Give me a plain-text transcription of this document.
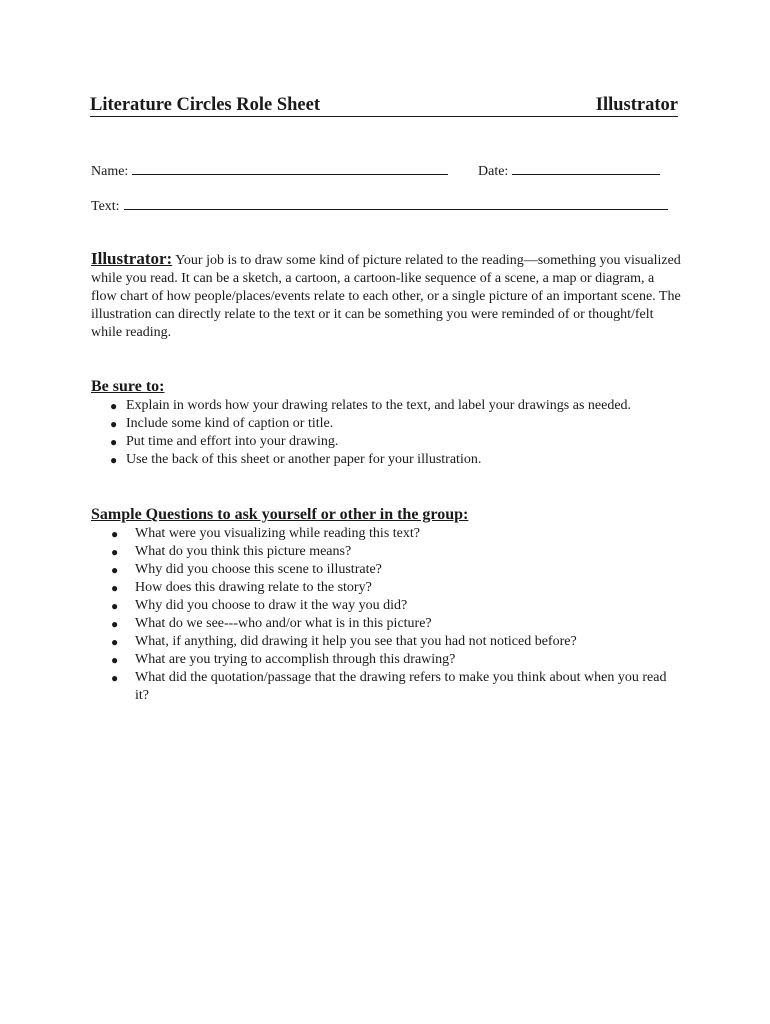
Literature Circles Role Sheet	Illustrator
Name:	Date:
Text:

Illustrator: Your job is to draw some kind of picture related to the reading—something you visualized while you read. It can be a sketch, a cartoon, a cartoon-like sequence of a scene, a map or diagram, a flow chart of how people/places/events relate to each other, or a single picture of an important scene. The illustration can directly relate to the text or it can be something you were reminded of or thought/felt while reading.

Be sure to:
● Explain in words how your drawing relates to the text, and label your drawings as needed.
● Include some kind of caption or title.
● Put time and effort into your drawing.
● Use the back of this sheet or another paper for your illustration.
Sample Questions to ask yourself or other in the group:
● What were you visualizing while reading this text?
● What do you think this picture means?
● Why did you choose this scene to illustrate?
● How does this drawing relate to the story?
● Why did you choose to draw it the way you did?
● What do we see---who and/or what is in this picture?
● What, if anything, did drawing it help you see that you had not noticed before?
● What are you trying to accomplish through this drawing?
● What did the quotation/passage that the drawing refers to make you think about when you read it?
